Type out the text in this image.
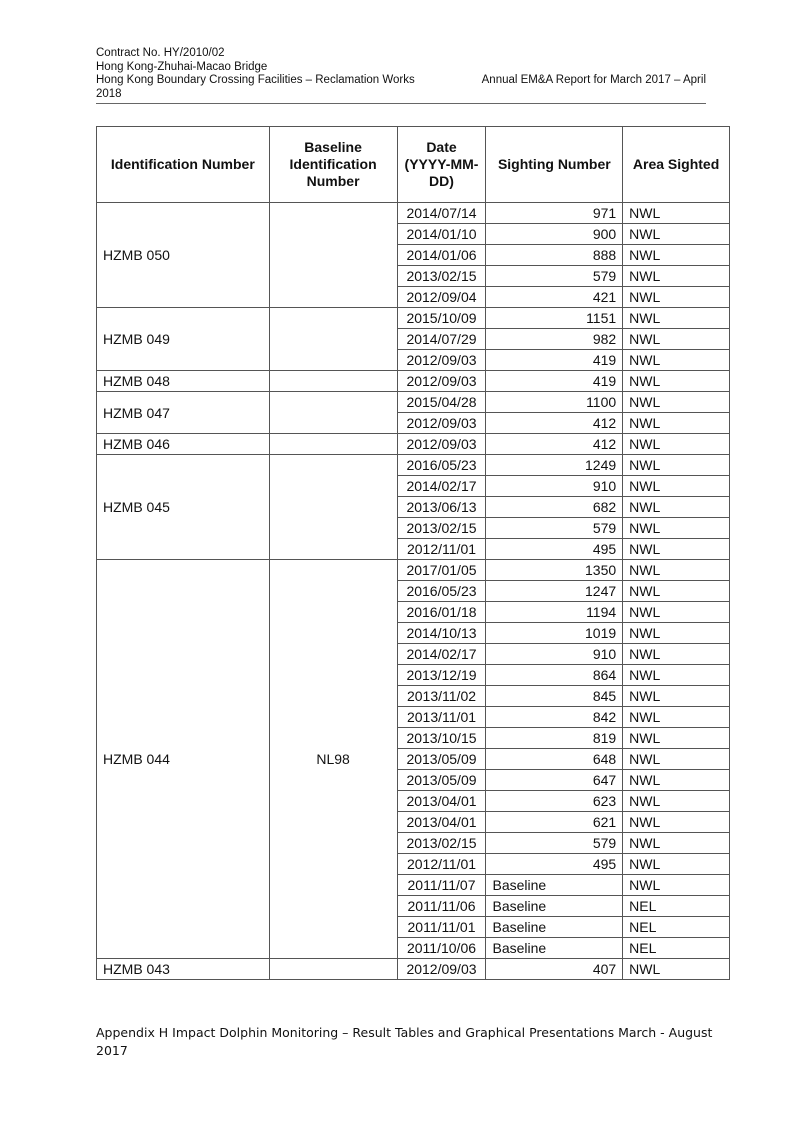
Contract No. HY/2010/02
Hong Kong-Zhuhai-Macao Bridge
Hong Kong Boundary Crossing Facilities – Reclamation Works	Annual EM&A Report for March 2017 – April
2018
Identification Number	Baseline Identification Number	Date (YYYY-MM-DD)	Sighting Number	Area Sighted
HZMB 050		2014/07/14	971	NWL
		2014/01/10	900	NWL
		2014/01/06	888	NWL
		2013/02/15	579	NWL
		2012/09/04	421	NWL
HZMB 049		2015/10/09	1151	NWL
		2014/07/29	982	NWL
		2012/09/03	419	NWL
HZMB 048		2012/09/03	419	NWL
HZMB 047		2015/04/28	1100	NWL
		2012/09/03	412	NWL
HZMB 046		2012/09/03	412	NWL
HZMB 045		2016/05/23	1249	NWL
		2014/02/17	910	NWL
		2013/06/13	682	NWL
		2013/02/15	579	NWL
		2012/11/01	495	NWL
HZMB 044	NL98	2017/01/05	1350	NWL
		2016/05/23	1247	NWL
		2016/01/18	1194	NWL
		2014/10/13	1019	NWL
		2014/02/17	910	NWL
		2013/12/19	864	NWL
		2013/11/02	845	NWL
		2013/11/01	842	NWL
		2013/10/15	819	NWL
		2013/05/09	648	NWL
		2013/05/09	647	NWL
		2013/04/01	623	NWL
		2013/04/01	621	NWL
		2013/02/15	579	NWL
		2012/11/01	495	NWL
		2011/11/07	Baseline	NWL
		2011/11/06	Baseline	NEL
		2011/11/01	Baseline	NEL
		2011/10/06	Baseline	NEL
HZMB 043		2012/09/03	407	NWL
Appendix H Impact Dolphin Monitoring – Result Tables and Graphical Presentations March - August 2017
